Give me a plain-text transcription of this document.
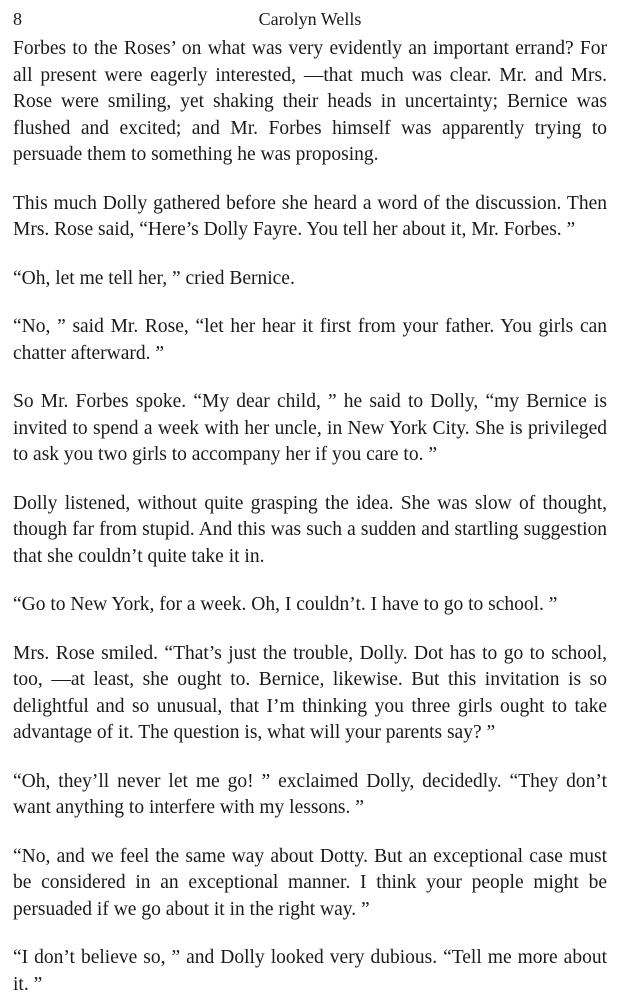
8	Carolyn Wells

Forbes to the Roses’ on what was very evidently an important errand? For all present were eagerly interested, —that much was clear. Mr. and Mrs. Rose were smiling, yet shaking their heads in uncertainty; Bernice was flushed and excited; and Mr. Forbes himself was apparently trying to persuade them to something he was proposing.

This much Dolly gathered before she heard a word of the discussion. Then Mrs. Rose said, “Here’s Dolly Fayre. You tell her about it, Mr. Forbes. ”

“Oh, let me tell her, ” cried Bernice.

“No, ” said Mr. Rose, “let her hear it first from your father. You girls can chatter afterward. ”

So Mr. Forbes spoke. “My dear child, ” he said to Dolly, “my Bernice is invited to spend a week with her uncle, in New York City. She is privileged to ask you two girls to accompany her if you care to. ”

Dolly listened, without quite grasping the idea. She was slow of thought, though far from stupid. And this was such a sudden and startling suggestion that she couldn’t quite take it in.

“Go to New York, for a week. Oh, I couldn’t. I have to go to school. ”

Mrs. Rose smiled. “That’s just the trouble, Dolly. Dot has to go to school, too, —at least, she ought to. Bernice, likewise. But this invitation is so delightful and so unusual, that I’m thinking you three girls ought to take advantage of it. The question is, what will your parents say? ”

“Oh, they’ll never let me go! ” exclaimed Dolly, decidedly. “They don’t want anything to interfere with my lessons. ”

“No, and we feel the same way about Dotty. But an exceptional case must be considered in an exceptional manner. I think your people might be persuaded if we go about it in the right way. ”

“I don’t believe so, ” and Dolly looked very dubious. “Tell me more about it. ”
